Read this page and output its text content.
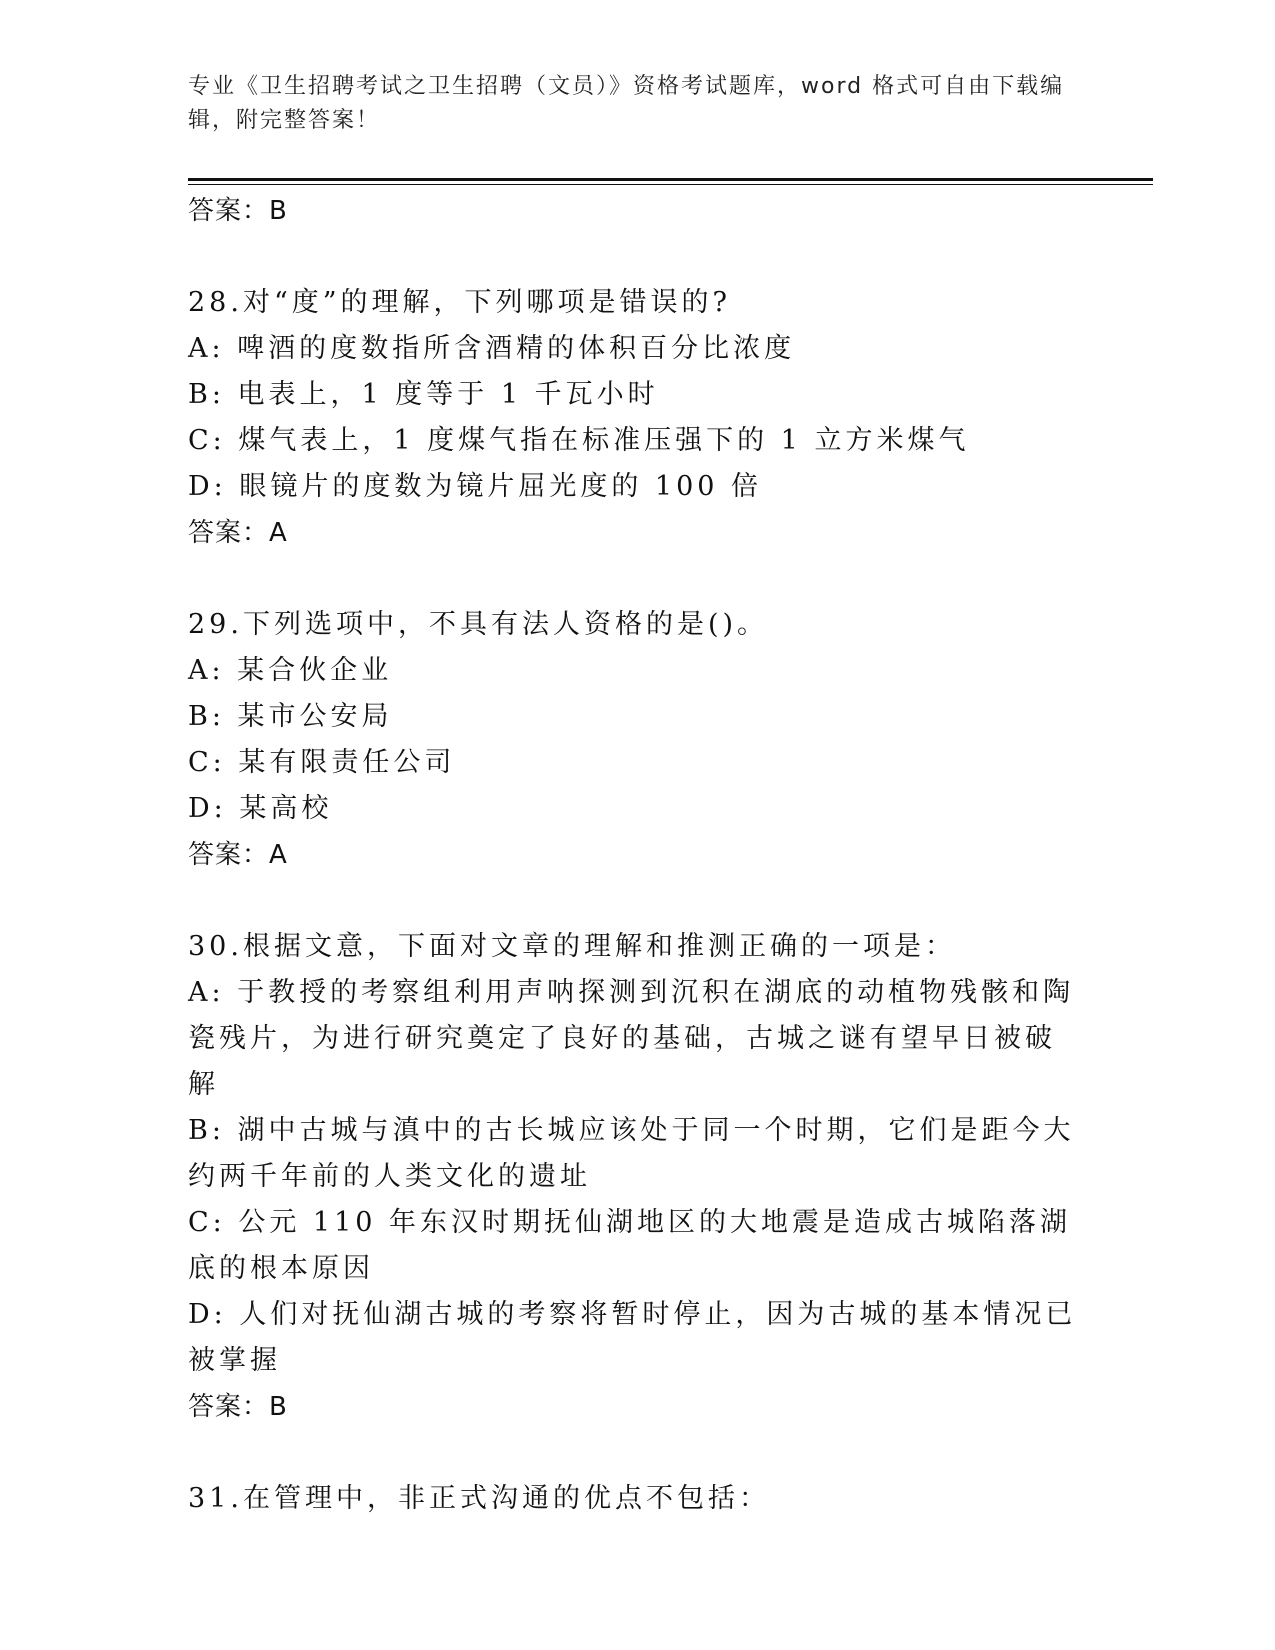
专业《卫生招聘考试之卫生招聘（文员）》资格考试题库，word 格式可自由下载编辑，附完整答案！

答案：B

28.对“度”的理解，下列哪项是错误的?

A: 啤酒的度数指所含酒精的体积百分比浓度

B: 电表上，1 度等于 1 千瓦小时

C: 煤气表上，1 度煤气指在标准压强下的 1 立方米煤气

D: 眼镜片的度数为镜片屈光度的 100 倍

答案：A

29.下列选项中，不具有法人资格的是()。

A: 某合伙企业

B: 某市公安局

C: 某有限责任公司

D: 某高校

答案：A

30.根据文意，下面对文章的理解和推测正确的一项是：

A: 于教授的考察组利用声呐探测到沉积在湖底的动植物残骸和陶瓷残片，为进行研究奠定了良好的基础，古城之谜有望早日被破解

B: 湖中古城与滇中的古长城应该处于同一个时期，它们是距今大约两千年前的人类文化的遗址

C: 公元 110 年东汉时期抚仙湖地区的大地震是造成古城陷落湖底的根本原因

D: 人们对抚仙湖古城的考察将暂时停止，因为古城的基本情况已被掌握

答案：B

31.在管理中，非正式沟通的优点不包括：
